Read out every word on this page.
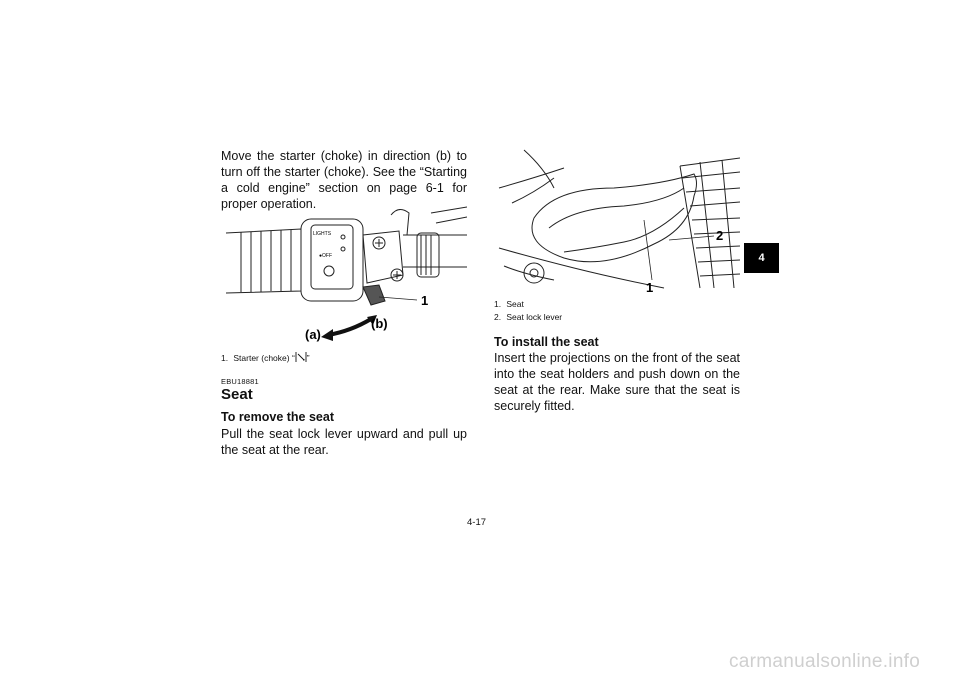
Move the starter (choke) in direction (b) to turn off the starter (choke). See the “Starting a cold engine” section on page 6-1 for proper operation.
LIGHTS
●OFF
1
(a)
(b)
1. Starter (choke) “ ”
EBU18881
Seat
To remove the seat
Pull the seat lock lever upward and pull up the seat at the rear.
2
1
1. Seat
2. Seat lock lever
To install the seat
Insert the projections on the front of the seat into the seat holders and push down on the seat at the rear. Make sure that the seat is securely fitted.
4
4-17
carmanualsonline.info
